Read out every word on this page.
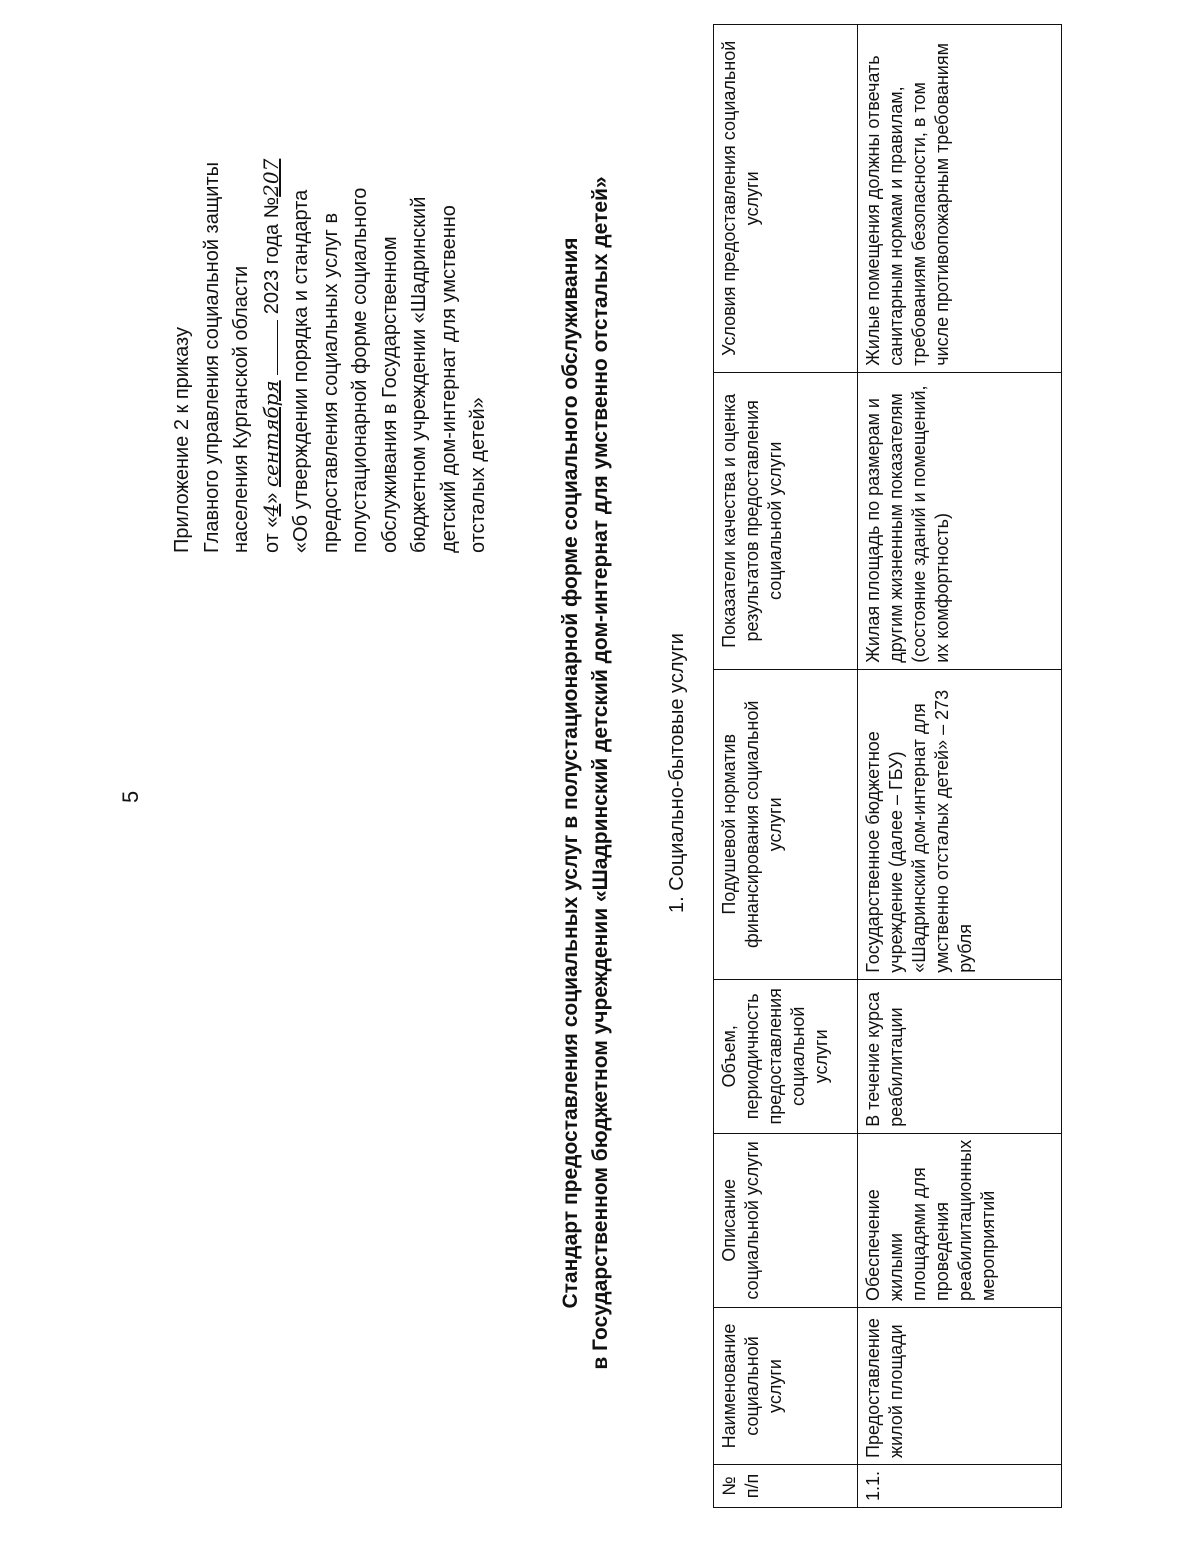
5
Приложение 2 к приказу Главного управления социальной защиты населения Курганской области от «4» сентября  2023 года №207
«Об утверждении порядка и стандарта предоставления социальных услуг в полустационарной форме социального обслуживания в Государственном бюджетном учреждении «Шадринский детский дом-интернат для умственно отсталых детей»	Стандарт предоставления социальных услуг в полустационарной форме социального обслуживания в Государственном бюджетном учреждении «Шадринский детский дом-интернат для умственно отсталых детей»	1. Социально-бытовые услуги
№ п/п	Наименование социальной услуги	Описание социальной услуги	Объем, периодичность предоставления социальной услуги	Подушевой норматив финансирования социальной услуги	Показатели качества и оценка результатов предоставления социальной услуги	Условия предоставления социальной услуги
1.1.	Предоставление жилой площади	Обеспечение жилыми площадями для проведения реабилитационных мероприятий	В течение курса реабилитации	Государственное бюджетное учреждение (далее – ГБУ) «Шадринский дом-интернат для умственно отсталых детей» – 273 рубля	Жилая площадь по размерам и другим жизненным показателям (состояние зданий и помещений, их комфортность)	Жилые помещения должны отвечать санитарным нормам и правилам, требованиям безопасности, в том числе противопожарным требованиям
